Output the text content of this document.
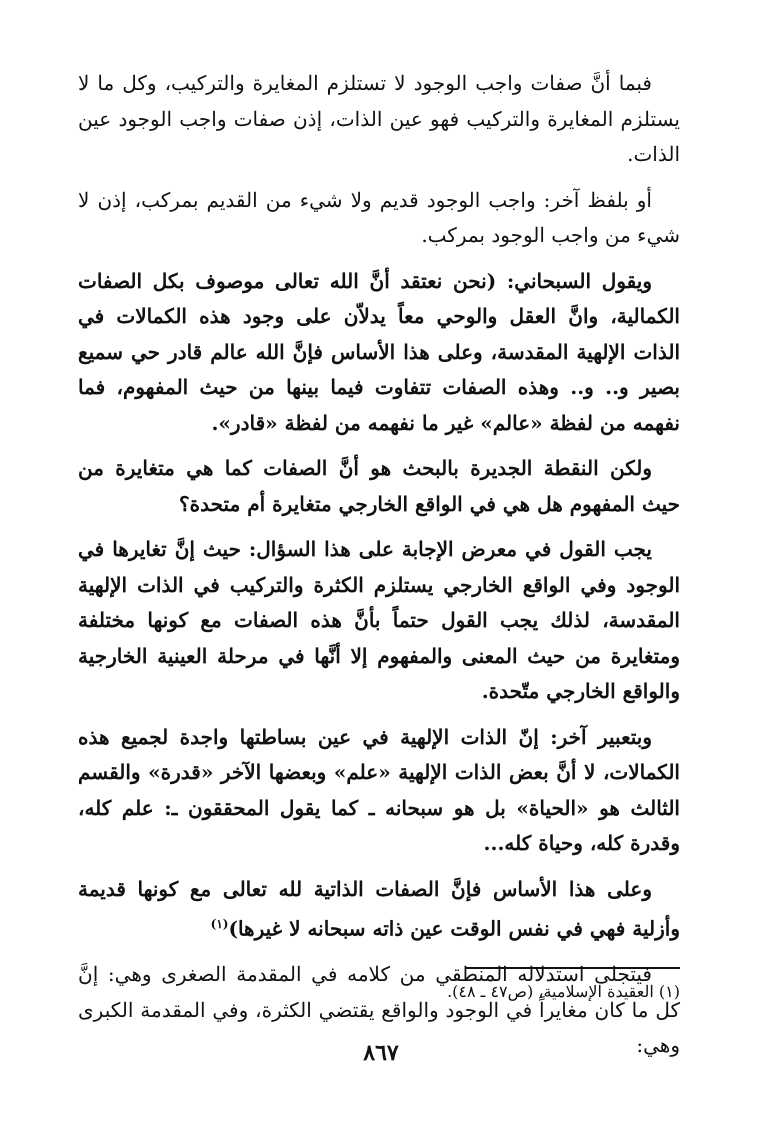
فبما أنَّ صفات واجب الوجود لا تستلزم المغايرة والتركيب، وكل ما لا يستلزم المغايرة والتركيب فهو عين الذات، إذن صفات واجب الوجود عين الذات.

أو بلفظ آخر: واجب الوجود قديم ولا شيء من القديم بمركب، إذن لا شيء من واجب الوجود بمركب.

ويقول السبحاني: (نحن نعتقد أنَّ الله تعالى موصوف بكل الصفات الكمالية، وانَّ العقل والوحي معاً يدلاّن على وجود هذه الكمالات في الذات الإلهية المقدسة، وعلى هذا الأساس فإنَّ الله عالم قادر حي سميع بصير و.. و.. وهذه الصفات تتفاوت فيما بينها من حيث المفهوم، فما نفهمه من لفظة «عالم» غير ما نفهمه من لفظة «قادر».

ولكن النقطة الجديرة بالبحث هو أنَّ الصفات كما هي متغايرة من حيث المفهوم هل هي في الواقع الخارجي متغايرة أم متحدة؟

يجب القول في معرض الإجابة على هذا السؤال: حيث إنَّ تغايرها في الوجود وفي الواقع الخارجي يستلزم الكثرة والتركيب في الذات الإلهية المقدسة، لذلك يجب القول حتماً بأنَّ هذه الصفات مع كونها مختلفة ومتغايرة من حيث المعنى والمفهوم إلا أنَّها في مرحلة العينية الخارجية والواقع الخارجي متّحدة.

وبتعبير آخر: إنّ الذات الإلهية في عين بساطتها واجدة لجميع هذه الكمالات، لا أنَّ بعض الذات الإلهية «علم» وبعضها الآخر «قدرة» والقسم الثالث هو «الحياة» بل هو سبحانه ـ كما يقول المحققون ـ: علم كله، وقدرة كله، وحياة كله...

وعلى هذا الأساس فإنَّ الصفات الذاتية لله تعالى مع كونها قديمة وأزلية فهي في نفس الوقت عين ذاته سبحانه لا غيرها)$^{(١)}$

فيتجلى استدلاله المنطقي من كلامه في المقدمة الصغرى وهي: إنَّ كل ما كان مغايراً في الوجود والواقع يقتضي الكثرة، وفي المقدمة الكبرى وهي:

(١) العقيدة الإسلامية، (ص٤٧ ـ ٤٨).
٨٦٧
